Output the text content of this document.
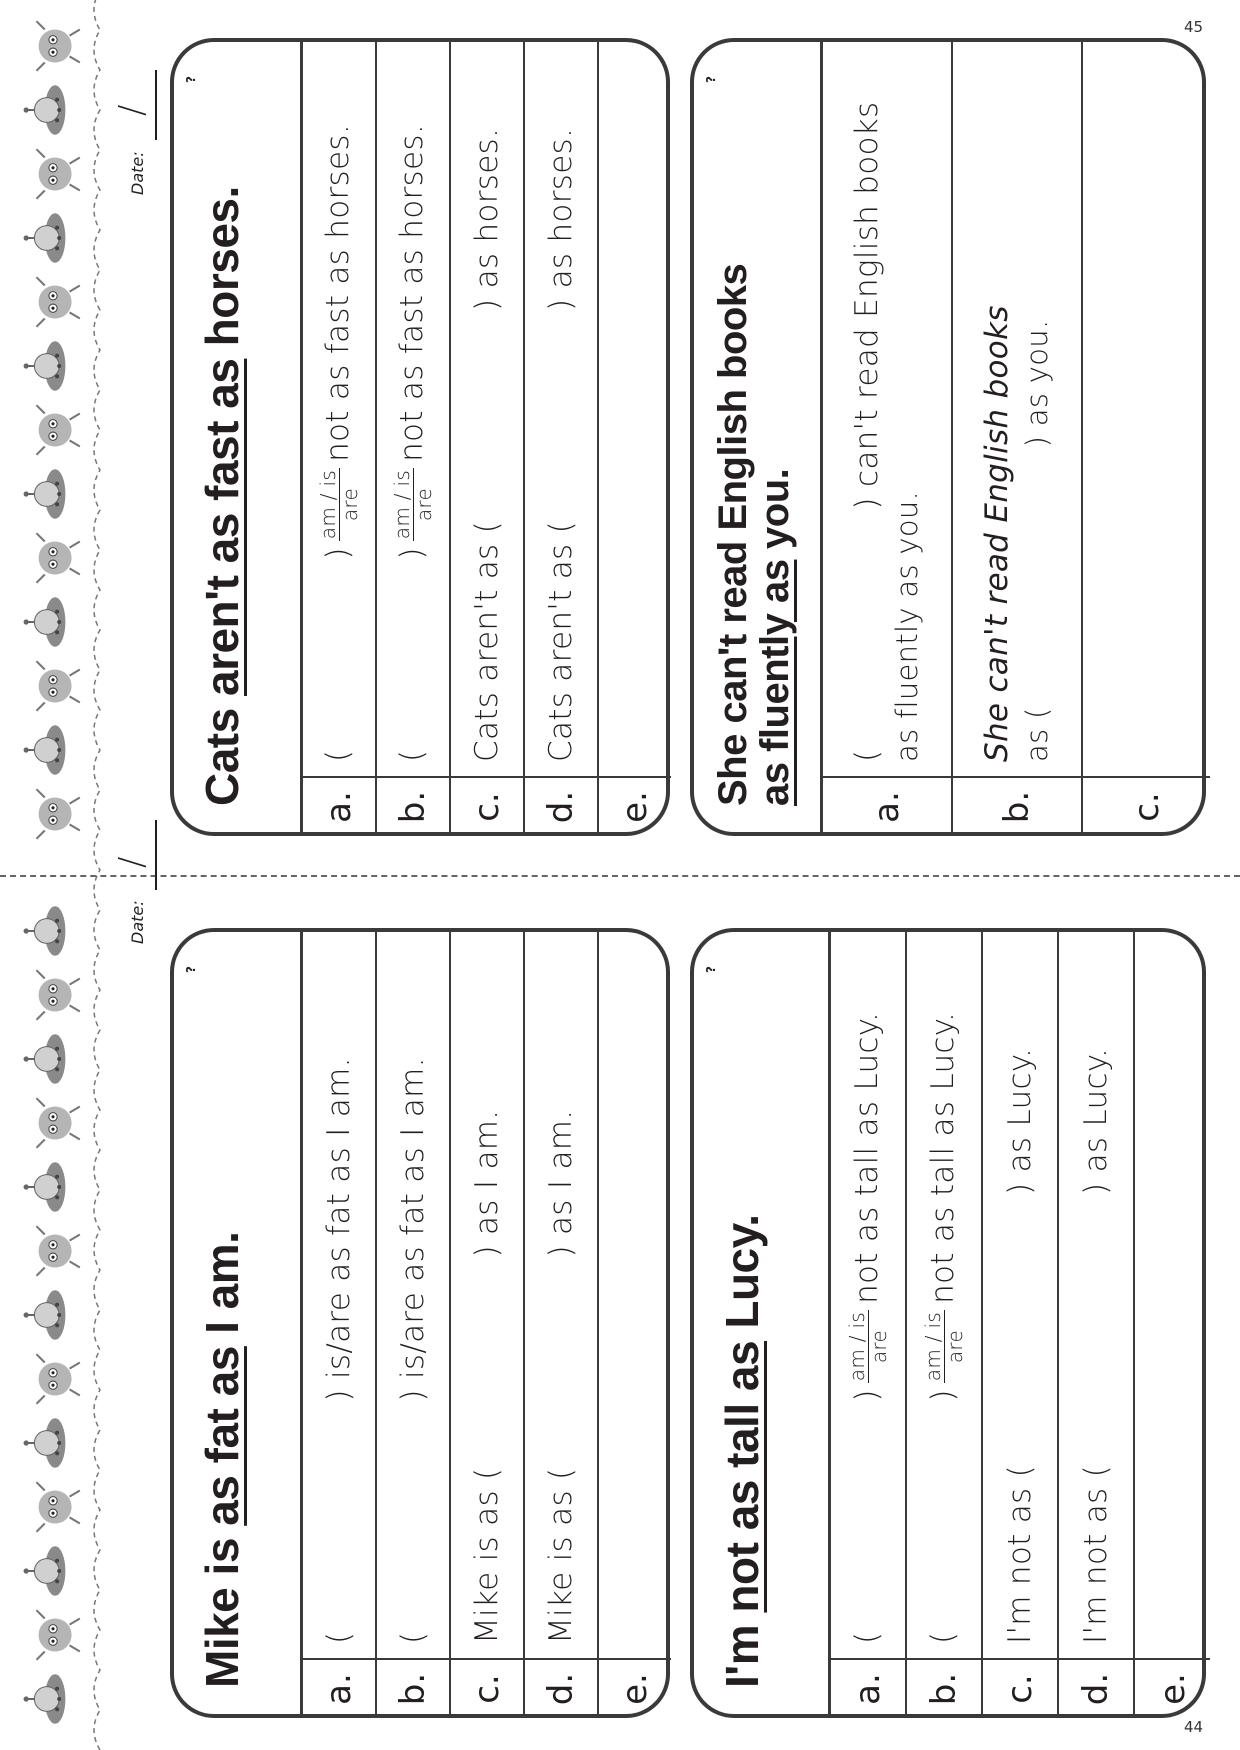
44
45
Date:
/
Date:
/
Mike is as fat as I am.
?
a.
() is/are as fat as I am.
b.
() is/are as fat as I am.
c.
Mike is as () as I am.
d.
Mike is as () as I am.
e.
I'm not as tall as Lucy.
?
a.
()
am / is
are
not as tall as Lucy.
b.
()
am / is
are
not as tall as Lucy.
c.
I'm not as () as Lucy.
d.
I'm not as () as Lucy.
e.
Cats aren't as fast as horses.
?
a.
()
am / is
are
not as fast as horses.
b.
()
am / is
are
not as fast as horses.
c.
Cats aren't as () as horses.
d.
Cats aren't as () as horses.
e.
She can't read English books
as fluently as you.
?
a.
() can't read English books
as fluently as you.
b.
She can't read English books as () as you.
c.
